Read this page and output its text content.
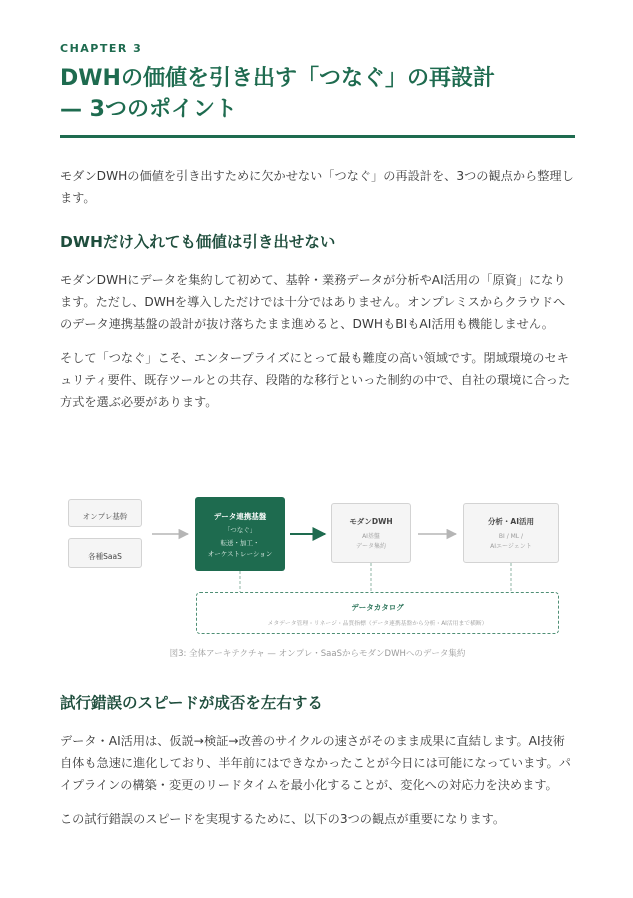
CHAPTER 3
DWHの価値を引き出す「つなぐ」の再設計
— 3つのポイント

モダンDWHの価値を引き出すために欠かせない「つなぐ」の再設計を、3つの観点から整理します。

DWHだけ入れても価値は引き出せない

モダンDWHにデータを集約して初めて、基幹・業務データが分析やAI活用の「原資」になります。ただし、DWHを導入しただけでは十分ではありません。オンプレミスからクラウドへのデータ連携基盤の設計が抜け落ちたまま進めると、DWHもBIもAI活用も機能しません。

そして「つなぐ」こそ、エンタープライズにとって最も難度の高い領域です。閉域環境のセキュリティ要件、既存ツールとの共存、段階的な移行といった制約の中で、自社の環境に合った方式を選ぶ必要があります。

オンプレ基幹
各種SaaS
データ連携基盤
「つなぐ」
転送・加工・
オーケストレーション
モダンDWH
AI基盤
データ集約
分析・AI活用
BI / ML /
AIエージェント
データカタログ
メタデータ管理・リネージ・品質指標（データ連携基盤から分析・AI活用まで横断）
図3: 全体アーキテクチャ — オンプレ・SaaSからモダンDWHへのデータ集約
試行錯誤のスピードが成否を左右する

データ・AI活用は、仮説→検証→改善のサイクルの速さがそのまま成果に直結します。AI技術自体も急速に進化しており、半年前にはできなかったことが今日には可能になっています。パイプラインの構築・変更のリードタイムを最小化することが、変化への対応力を決めます。

この試行錯誤のスピードを実現するために、以下の3つの観点が重要になります。
